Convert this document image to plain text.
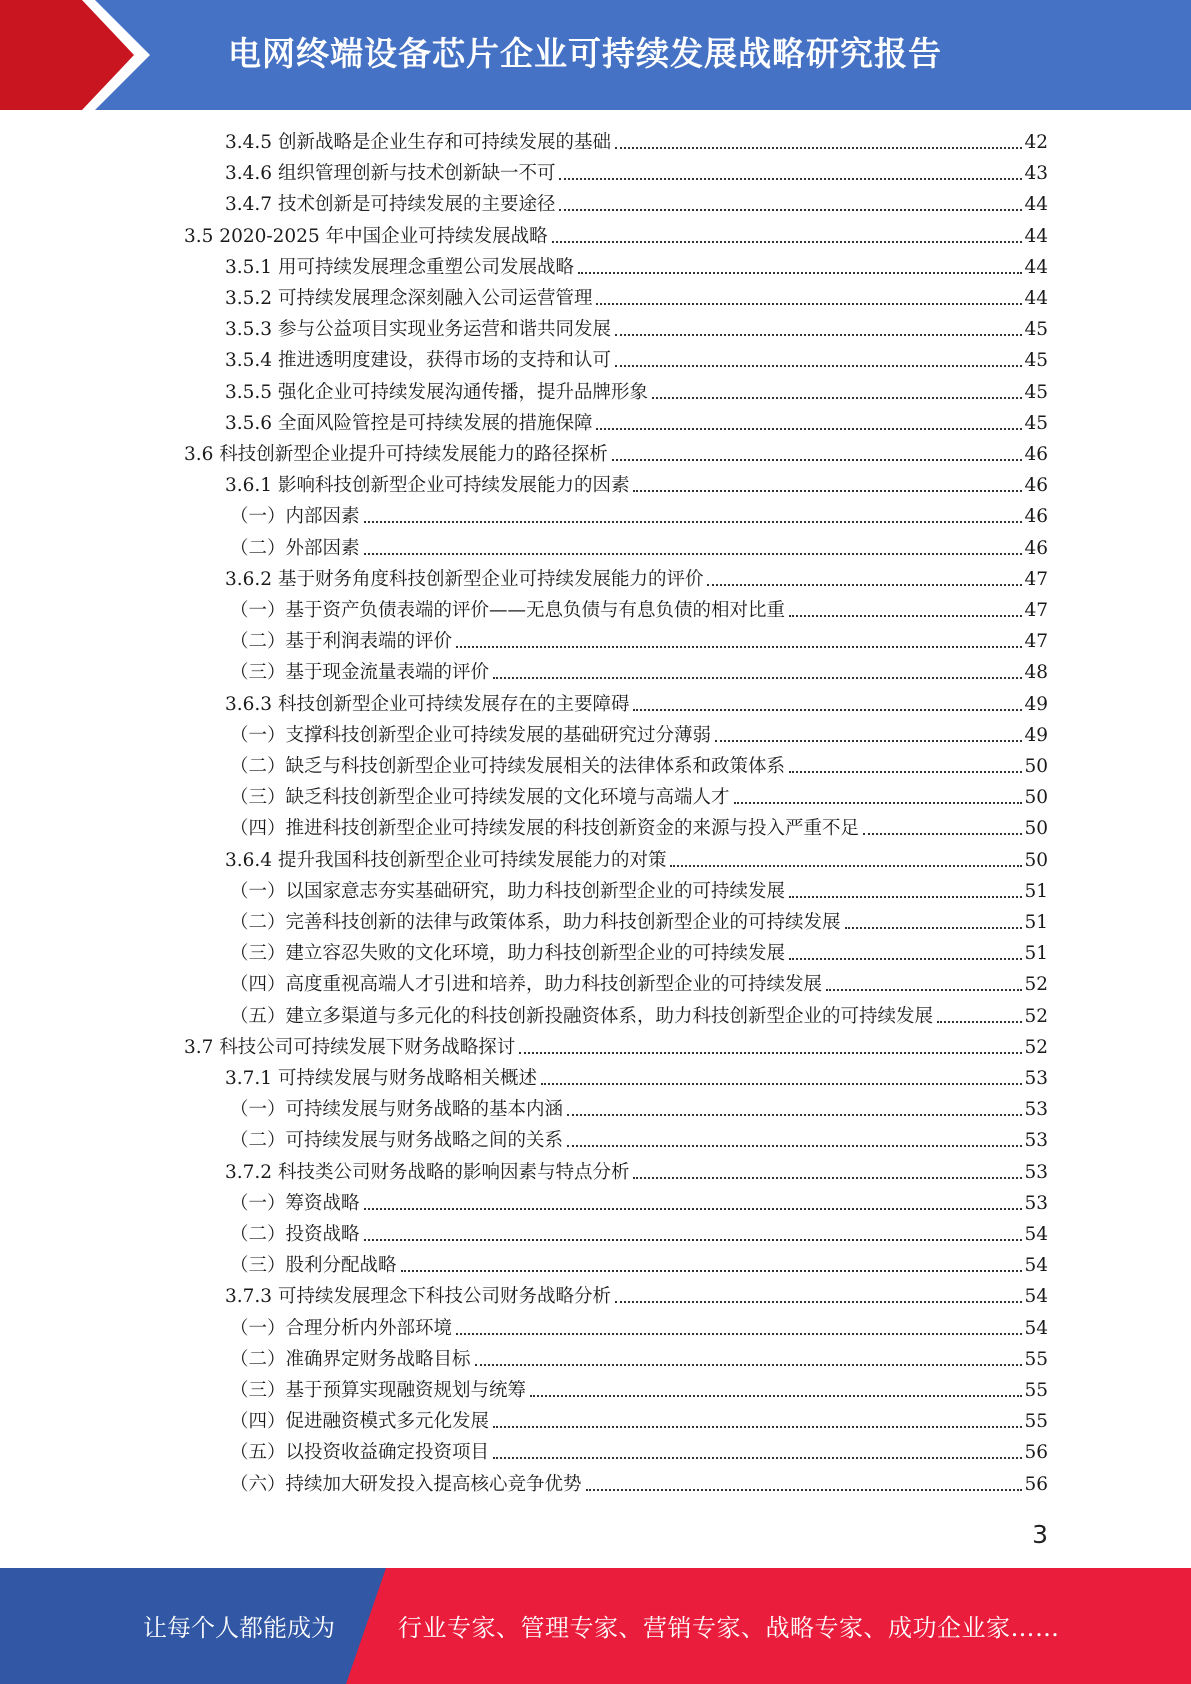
电网终端设备芯片企业可持续发展战略研究报告
3.4.5 创新战略是企业生存和可持续发展的基础	42
3.4.6 组织管理创新与技术创新缺一不可	43
3.4.7 技术创新是可持续发展的主要途径	44
3.5 2020-2025 年中国企业可持续发展战略	44
3.5.1 用可持续发展理念重塑公司发展战略	44
3.5.2 可持续发展理念深刻融入公司运营管理	44
3.5.3 参与公益项目实现业务运营和谐共同发展	45
3.5.4 推进透明度建设，获得市场的支持和认可	45
3.5.5 强化企业可持续发展沟通传播，提升品牌形象	45
3.5.6 全面风险管控是可持续发展的措施保障	45
3.6 科技创新型企业提升可持续发展能力的路径探析	46
3.6.1 影响科技创新型企业可持续发展能力的因素	46
（一）内部因素	46
（二）外部因素	46
3.6.2 基于财务角度科技创新型企业可持续发展能力的评价	47
（一）基于资产负债表端的评价——无息负债与有息负债的相对比重	47
（二）基于利润表端的评价	47
（三）基于现金流量表端的评价	48
3.6.3 科技创新型企业可持续发展存在的主要障碍	49
（一）支撑科技创新型企业可持续发展的基础研究过分薄弱	49
（二）缺乏与科技创新型企业可持续发展相关的法律体系和政策体系	50
（三）缺乏科技创新型企业可持续发展的文化环境与高端人才	50
（四）推进科技创新型企业可持续发展的科技创新资金的来源与投入严重不足	50
3.6.4 提升我国科技创新型企业可持续发展能力的对策	50
（一）以国家意志夯实基础研究，助力科技创新型企业的可持续发展	51
（二）完善科技创新的法律与政策体系，助力科技创新型企业的可持续发展	51
（三）建立容忍失败的文化环境，助力科技创新型企业的可持续发展	51
（四）高度重视高端人才引进和培养，助力科技创新型企业的可持续发展	52
（五）建立多渠道与多元化的科技创新投融资体系，助力科技创新型企业的可持续发展	52
3.7 科技公司可持续发展下财务战略探讨	52
3.7.1 可持续发展与财务战略相关概述	53
（一）可持续发展与财务战略的基本内涵	53
（二）可持续发展与财务战略之间的关系	53
3.7.2 科技类公司财务战略的影响因素与特点分析	53
（一）筹资战略	53
（二）投资战略	54
（三）股利分配战略	54
3.7.3 可持续发展理念下科技公司财务战略分析	54
（一）合理分析内外部环境	54
（二）准确界定财务战略目标	55
（三）基于预算实现融资规划与统筹	55
（四）促进融资模式多元化发展	55
（五）以投资收益确定投资项目	56
（六）持续加大研发投入提高核心竞争优势	56
3
让每个人都能成为	行业专家、管理专家、营销专家、战略专家、成功企业家……
